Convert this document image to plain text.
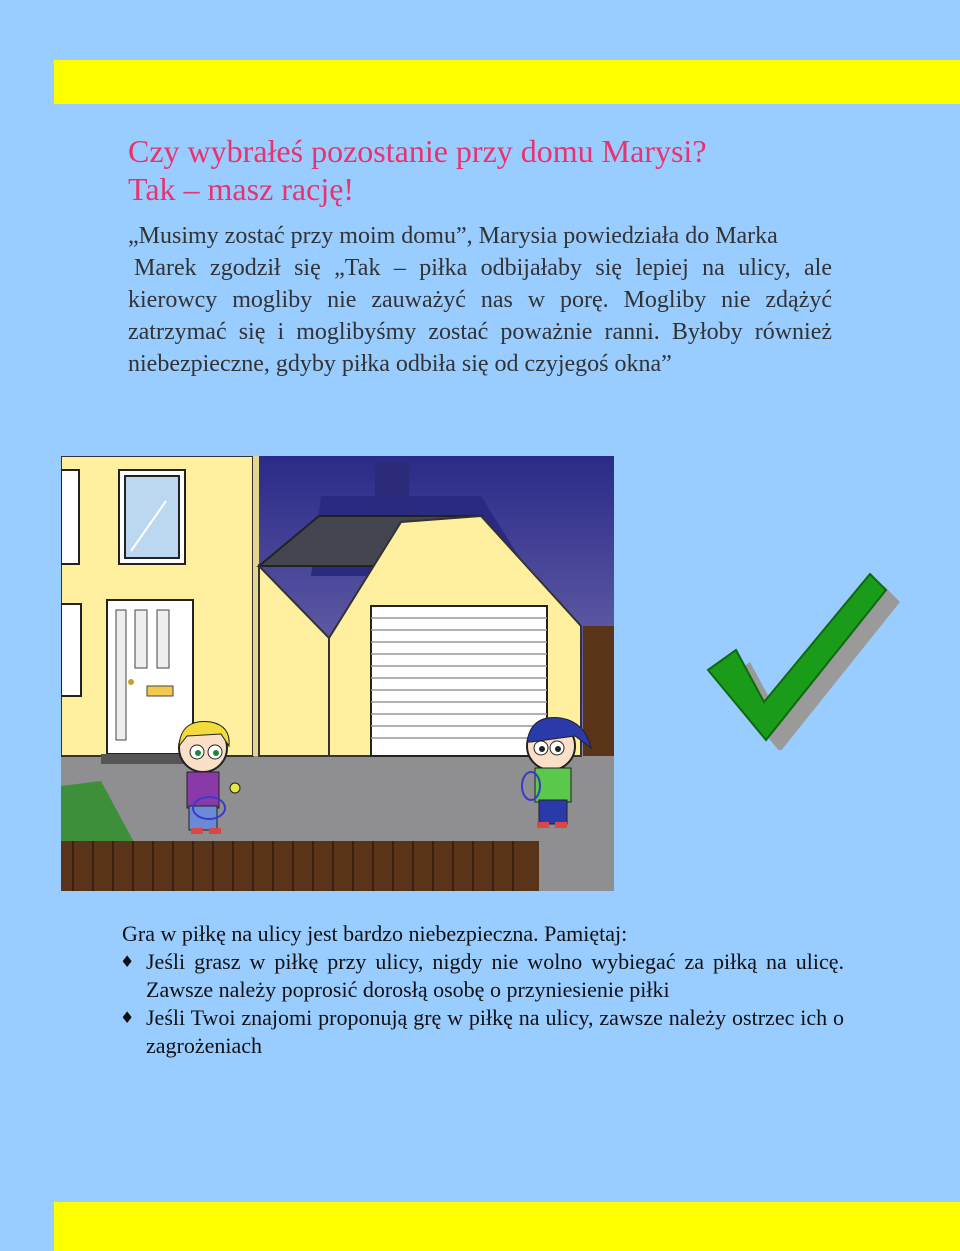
Czy wybrałeś pozostanie przy domu Marysi?
Tak – masz rację!

„Musimy zostać przy moim domu”, Marysia powiedziała do Marka

Marek zgodził się „Tak – piłka odbijałaby się lepiej na ulicy, ale kierowcy mogliby nie zauważyć nas w porę. Mogliby nie zdążyć zatrzymać się i moglibyśmy zostać poważnie ranni. Byłoby również niebezpieczne, gdyby piłka odbiła się od czyjegoś okna”

Gra w piłkę na ulicy jest bardzo niebezpieczna. Pamiętaj:

♦ Jeśli grasz w piłkę przy ulicy, nigdy nie wolno wybiegać za piłką na ulicę. Zawsze należy poprosić dorosłą osobę o przyniesienie piłki
♦ Jeśli Twoi znajomi proponują grę w piłkę na ulicy, zawsze należy ostrzec ich o zagrożeniach
